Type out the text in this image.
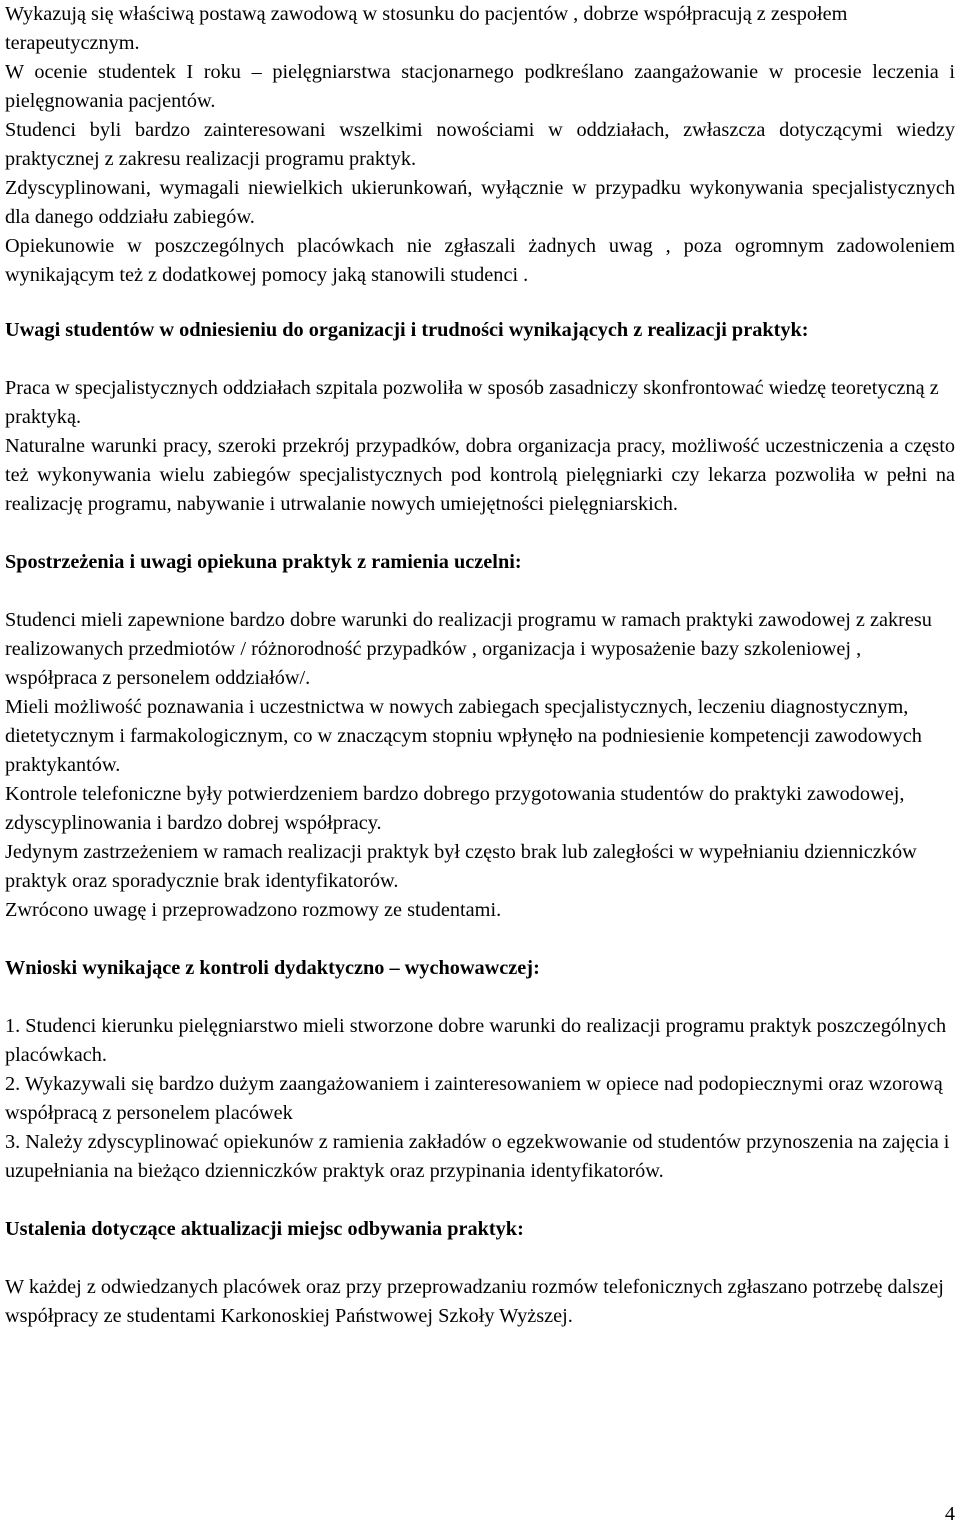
Wykazują się właściwą postawą zawodową w stosunku do pacjentów , dobrze współpracują z zespołem terapeutycznym.

W ocenie studentek I roku – pielęgniarstwa stacjonarnego podkreślano zaangażowanie w procesie leczenia i pielęgnowania pacjentów.

Studenci byli bardzo zainteresowani wszelkimi nowościami w oddziałach, zwłaszcza dotyczącymi wiedzy praktycznej z zakresu realizacji programu praktyk.

Zdyscyplinowani, wymagali niewielkich ukierunkowań, wyłącznie w przypadku wykonywania specjalistycznych dla danego oddziału zabiegów.

Opiekunowie w poszczególnych placówkach nie zgłaszali żadnych uwag , poza ogromnym zadowoleniem wynikającym też z dodatkowej pomocy jaką stanowili studenci .

Uwagi studentów w odniesieniu do organizacji i trudności wynikających z realizacji praktyk:

Praca w specjalistycznych oddziałach szpitala pozwoliła w sposób zasadniczy skonfrontować wiedzę teoretyczną z praktyką.

Naturalne warunki pracy, szeroki przekrój przypadków, dobra organizacja pracy, możliwość uczestniczenia a często też wykonywania wielu zabiegów specjalistycznych pod kontrolą pielęgniarki czy lekarza pozwoliła w pełni na realizację programu, nabywanie i utrwalanie nowych umiejętności pielęgniarskich.

Spostrzeżenia i uwagi opiekuna praktyk z ramienia uczelni:

Studenci mieli zapewnione bardzo dobre warunki do realizacji programu w ramach praktyki zawodowej z zakresu realizowanych przedmiotów / różnorodność przypadków , organizacja i wyposażenie bazy szkoleniowej , współpraca z personelem oddziałów/.

Mieli możliwość poznawania i uczestnictwa w nowych zabiegach specjalistycznych, leczeniu diagnostycznym, dietetycznym i farmakologicznym, co w znaczącym stopniu wpłynęło na podniesienie kompetencji zawodowych praktykantów.

Kontrole telefoniczne były potwierdzeniem bardzo dobrego przygotowania studentów do praktyki zawodowej, zdyscyplinowania i bardzo dobrej współpracy.

Jedynym zastrzeżeniem w ramach realizacji praktyk był często brak lub zaległości w wypełnianiu dzienniczków praktyk oraz sporadycznie brak identyfikatorów.

Zwrócono uwagę i przeprowadzono rozmowy ze studentami.

Wnioski wynikające z kontroli dydaktyczno – wychowawczej:

1. Studenci kierunku pielęgniarstwo mieli stworzone dobre warunki do realizacji programu praktyk poszczególnych placówkach.

2. Wykazywali się bardzo dużym zaangażowaniem i zainteresowaniem w opiece nad podopiecznymi oraz wzorową współpracą z personelem placówek

3. Należy zdyscyplinować opiekunów z ramienia zakładów o egzekwowanie od studentów przynoszenia na zajęcia i uzupełniania na bieżąco dzienniczków praktyk oraz przypinania identyfikatorów.

Ustalenia dotyczące aktualizacji miejsc odbywania praktyk:

W każdej z odwiedzanych placówek oraz przy przeprowadzaniu rozmów telefonicznych zgłaszano potrzebę dalszej współpracy ze studentami Karkonoskiej Państwowej Szkoły Wyższej.

4
